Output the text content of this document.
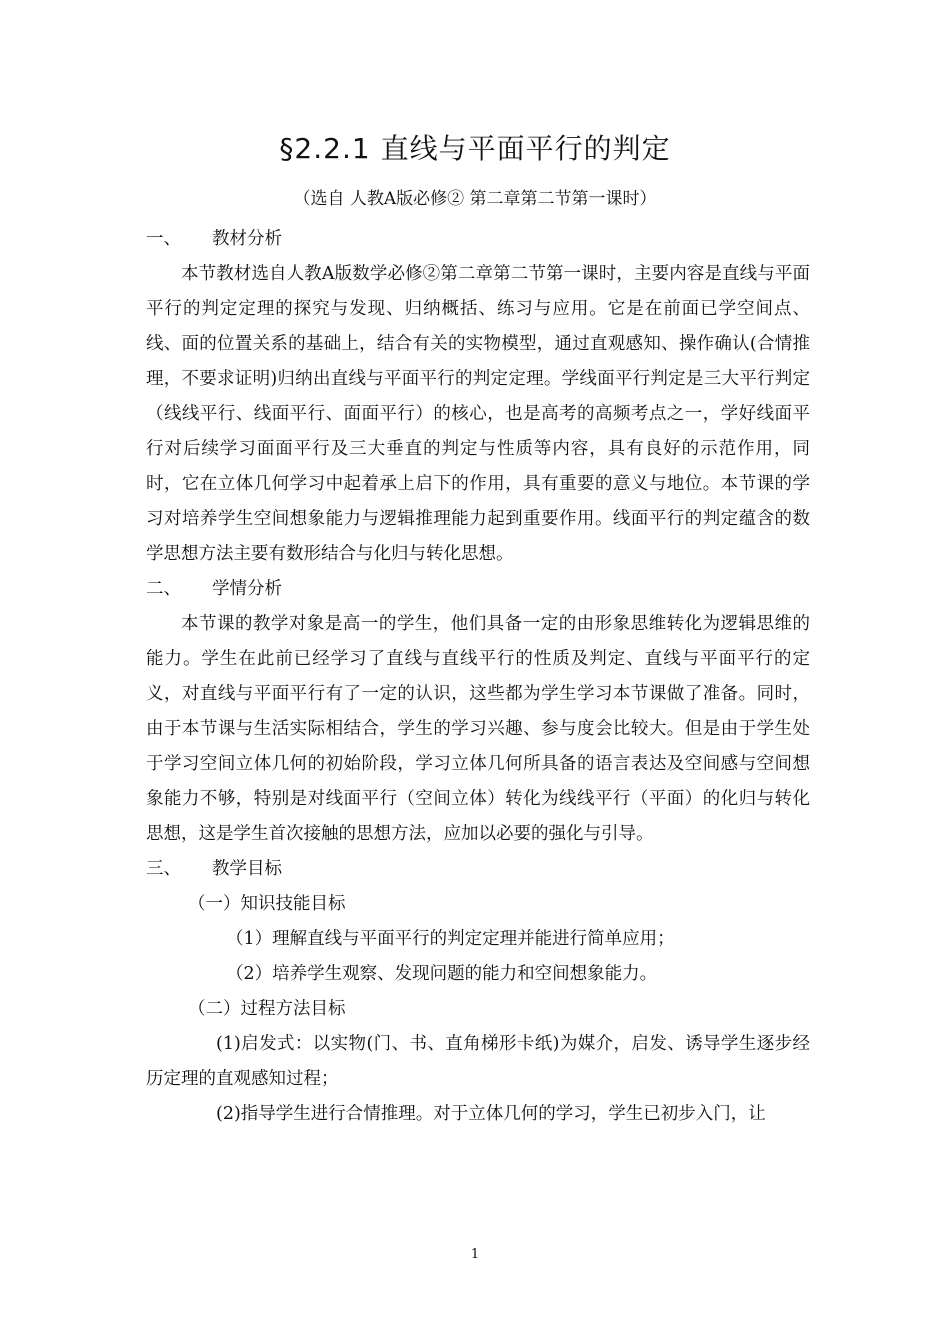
§2.2.1 直线与平面平行的判定
（选自 人教A版必修② 第二章第二节第一课时）
一、	教材分析

本节教材选自人教A版数学必修②第二章第二节第一课时，主要内容是直线与平面平行的判定定理的探究与发现、归纳概括、练习与应用。它是在前面已学空间点、线、面的位置关系的基础上，结合有关的实物模型，通过直观感知、操作确认(合情推理，不要求证明)归纳出直线与平面平行的判定定理。学线面平行判定是三大平行判定（线线平行、线面平行、面面平行）的核心，也是高考的高频考点之一，学好线面平行对后续学习面面平行及三大垂直的判定与性质等内容，具有良好的示范作用，同时，它在立体几何学习中起着承上启下的作用，具有重要的意义与地位。本节课的学习对培养学生空间想象能力与逻辑推理能力起到重要作用。线面平行的判定蕴含的数学思想方法主要有数形结合与化归与转化思想。

二、	学情分析

本节课的教学对象是高一的学生，他们具备一定的由形象思维转化为逻辑思维的能力。学生在此前已经学习了直线与直线平行的性质及判定、直线与平面平行的定义，对直线与平面平行有了一定的认识，这些都为学生学习本节课做了准备。同时，由于本节课与生活实际相结合，学生的学习兴趣、参与度会比较大。但是由于学生处于学习空间立体几何的初始阶段，学习立体几何所具备的语言表达及空间感与空间想象能力不够，特别是对线面平行（空间立体）转化为线线平行（平面）的化归与转化思想，这是学生首次接触的思想方法，应加以必要的强化与引导。

三、	教学目标

（一）知识技能目标

（1）理解直线与平面平行的判定定理并能进行简单应用；

（2）培养学生观察、发现问题的能力和空间想象能力。

（二）过程方法目标

(1)启发式：以实物(门、书、直角梯形卡纸)为媒介，启发、诱导学生逐步经历定理的直观感知过程；

(2)指导学生进行合情推理。对于立体几何的学习，学生已初步入门，让

1
